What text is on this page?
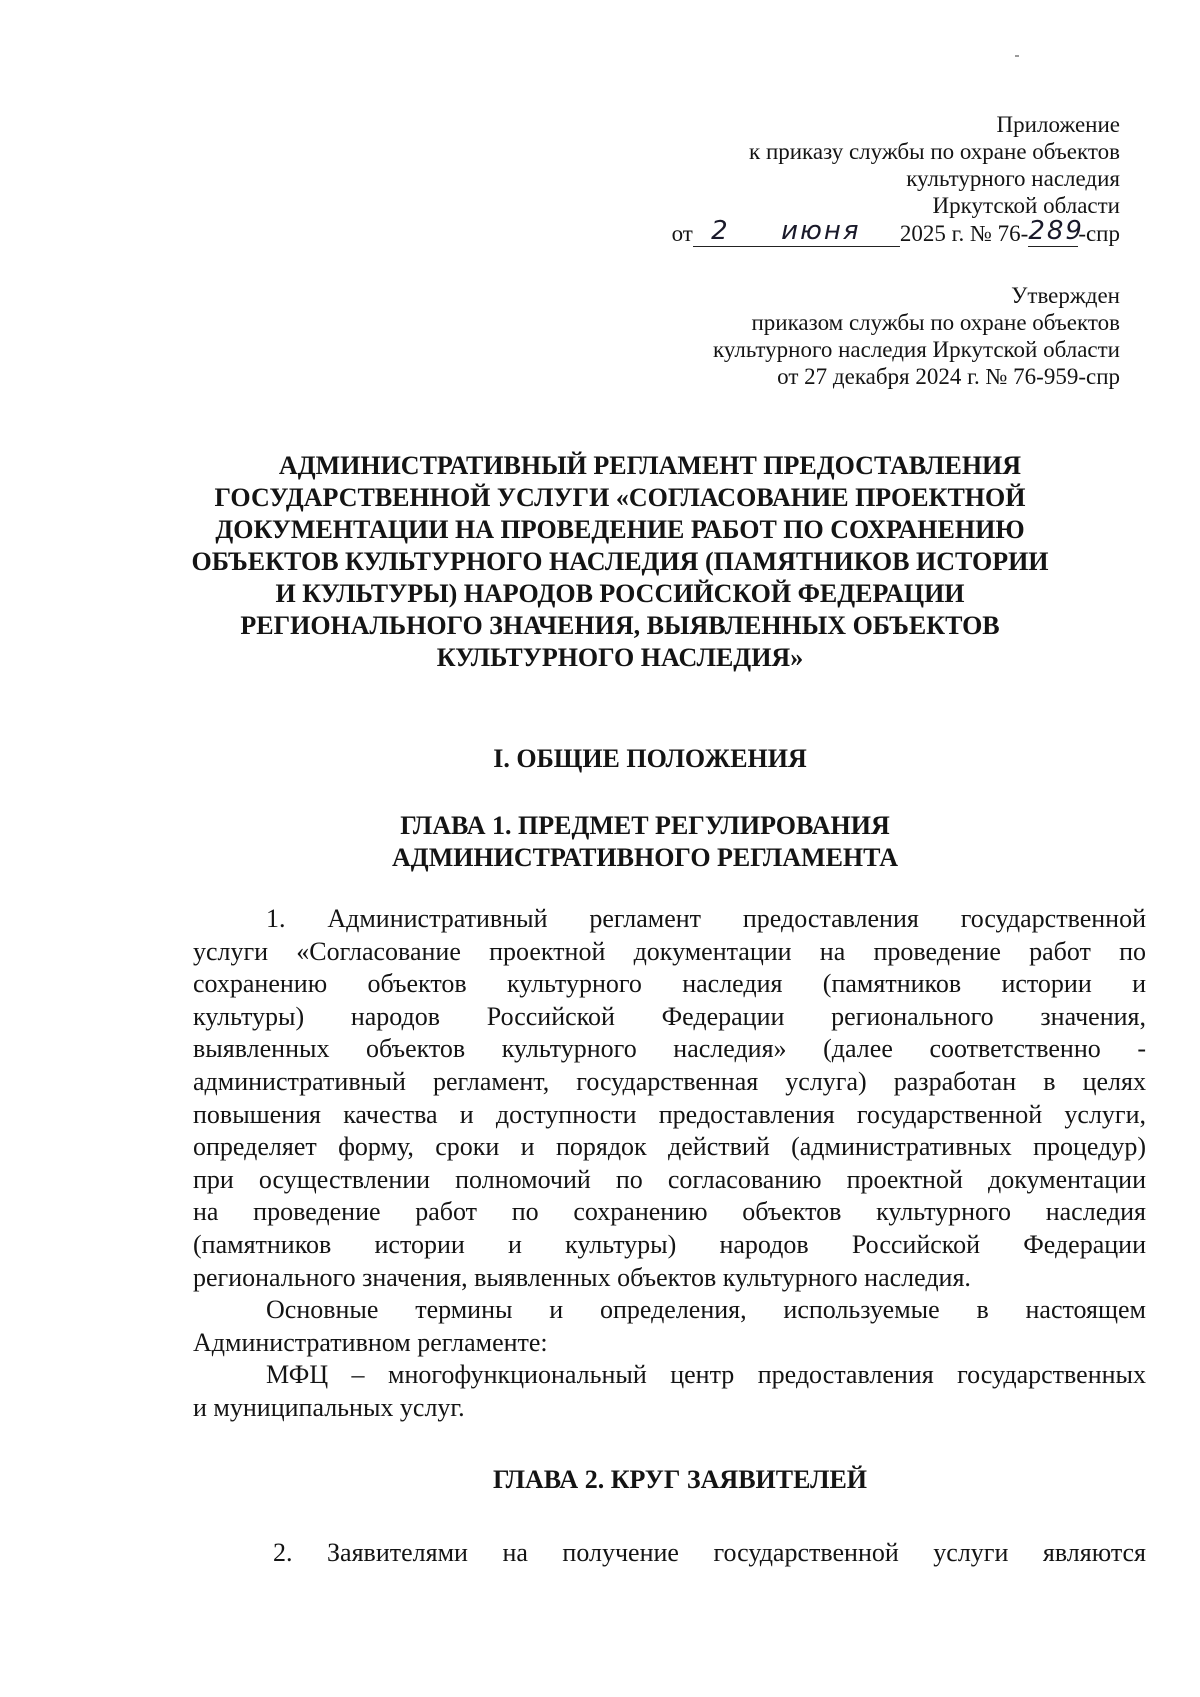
Приложение
к приказу службы по охране объектов
культурного наследия
Иркутской области
от 2 июня 2025 г. № 76-289-спр
Утвержден
приказом службы по охране объектов
культурного наследия Иркутской области
от 27 декабря 2024 г. № 76-959-спр
АДМИНИСТРАТИВНЫЙ РЕГЛАМЕНТ ПРЕДОСТАВЛЕНИЯ
ГОСУДАРСТВЕННОЙ УСЛУГИ «СОГЛАСОВАНИЕ ПРОЕКТНОЙ
ДОКУМЕНТАЦИИ НА ПРОВЕДЕНИЕ РАБОТ ПО СОХРАНЕНИЮ
ОБЪЕКТОВ КУЛЬТУРНОГО НАСЛЕДИЯ (ПАМЯТНИКОВ ИСТОРИИ
И КУЛЬТУРЫ) НАРОДОВ РОССИЙСКОЙ ФЕДЕРАЦИИ
РЕГИОНАЛЬНОГО ЗНАЧЕНИЯ, ВЫЯВЛЕННЫХ ОБЪЕКТОВ
КУЛЬТУРНОГО НАСЛЕДИЯ»
I. ОБЩИЕ ПОЛОЖЕНИЯ
ГЛАВА 1. ПРЕДМЕТ РЕГУЛИРОВАНИЯ
АДМИНИСТРАТИВНОГО РЕГЛАМЕНТА
1. Административный регламент предоставления государственной
услуги «Согласование проектной документации на проведение работ по
сохранению объектов культурного наследия (памятников истории и
культуры) народов Российской Федерации регионального значения,
выявленных объектов культурного наследия» (далее соответственно -
административный регламент, государственная услуга) разработан в целях
повышения качества и доступности предоставления государственной услуги,
определяет форму, сроки и порядок действий (административных процедур)
при осуществлении полномочий по согласованию проектной документации
на проведение работ по сохранению объектов культурного наследия
(памятников истории и культуры) народов Российской Федерации
регионального значения, выявленных объектов культурного наследия.
Основные термины и определения, используемые в настоящем
Административном регламенте:
МФЦ – многофункциональный центр предоставления государственных
и муниципальных услуг.
ГЛАВА 2. КРУГ ЗАЯВИТЕЛЕЙ
2. Заявителями на получение государственной услуги являются
